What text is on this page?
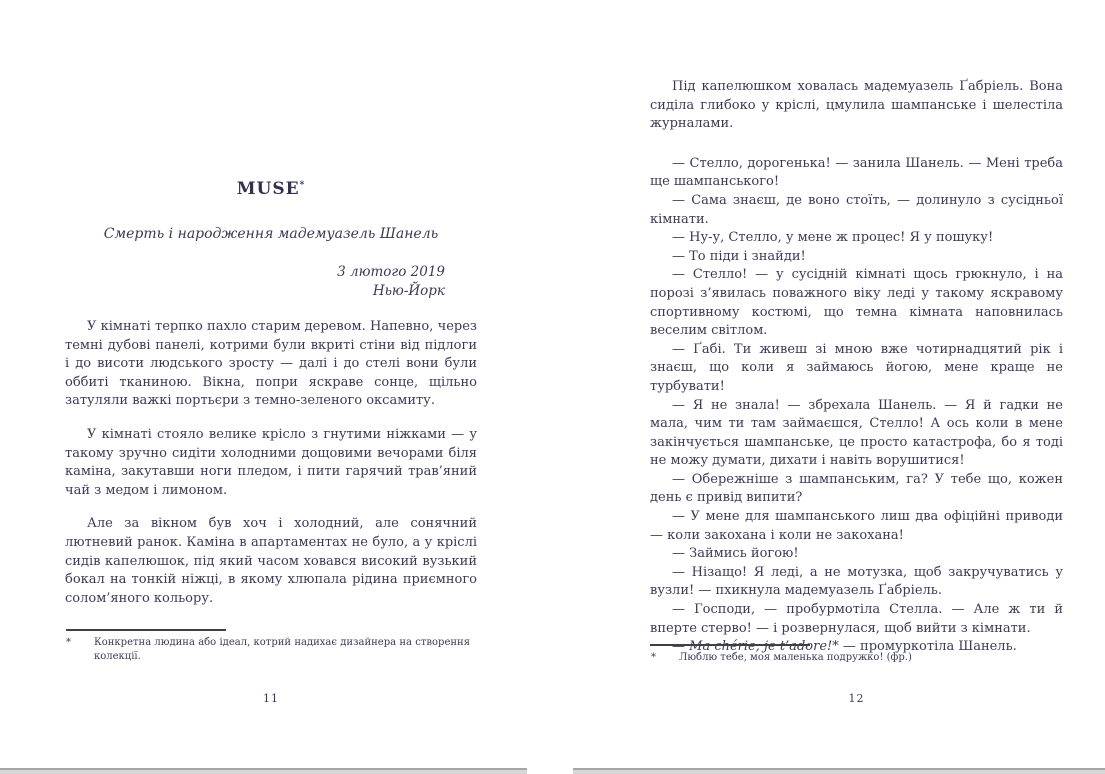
MUSE*
Смерть і народження мадемуазель Шанель
3 лютого 2019
Нью-Йорк

У кімнаті терпко пахло старим деревом. Напевно, через темні дубові панелі, котрими були вкриті стіни від підлоги і до висоти людського зросту — далі і до стелі вони були оббиті тканиною. Вікна, попри яскраве сонце, щільно затуляли важкі портьєри з темно-зеленого оксамиту.

У кімнаті стояло велике крісло з гнутими ніжками — у такому зручно сидіти холодними дощовими вечорами біля каміна, закутавши ноги пледом, і пити гарячий трав’яний чай з медом і лимоном.

Але за вікном був хоч і холодний, але сонячний лютневий ранок. Каміна в апартаментах не було, а у кріслі сидів капелюшок, під який часом ховався високий вузький бокал на тонкій ніжці, в якому хлюпала рідина приємного солом’яного кольору.

*	Конкретна людина або ідеал, котрий надихає дизайнера на створення колекції.
11

Під капелюшком ховалась мадемуазель Ґабріель. Вона сиділа глибоко у кріслі, цмулила шампанське і шелестіла журналами.

— Стелло, дорогенька! — занила Шанель. — Мені треба ще шампанського!

— Сама знаєш, де воно стоїть, — долинуло з сусідньої кімнати.

— Ну-у, Стелло, у мене ж процес! Я у пошуку!

— То піди і знайди!

— Стелло! — у сусідній кімнаті щось грюкнуло, і на порозі з’явилась поважного віку леді у такому яскравому спортивному костюмі, що темна кімната наповнилась веселим світлом.

— Ґабі. Ти живеш зі мною вже чотирнадцятий рік і знаєш, що коли я займаюсь йогою, мене краще не турбувати!

— Я не знала! — збрехала Шанель. — Я й гадки не мала, чим ти там займаєшся, Стелло! А ось коли в мене закінчується шампанське, це просто катастрофа, бо я тоді не можу думати, дихати і навіть ворушитися!

— Обережніше з шампанським, га? У тебе що, кожен день є привід випити?

— У мене для шампанського лиш два офіційні приводи — коли закохана і коли не закохана!

— Займись йогою!

— Нізащо! Я леді, а не мотузка, щоб закручуватись у вузли! — пхикнула мадемуазель Ґабріель.

— Господи, — пробурмотіла Стелла. — Але ж ти й вперте стерво! — і розвернулася, щоб вийти з кімнати.

— Ma chérie, je t’adore!* — промуркотіла Шанель.

*	Люблю тебе, моя маленька подружко! (фр.)
12
